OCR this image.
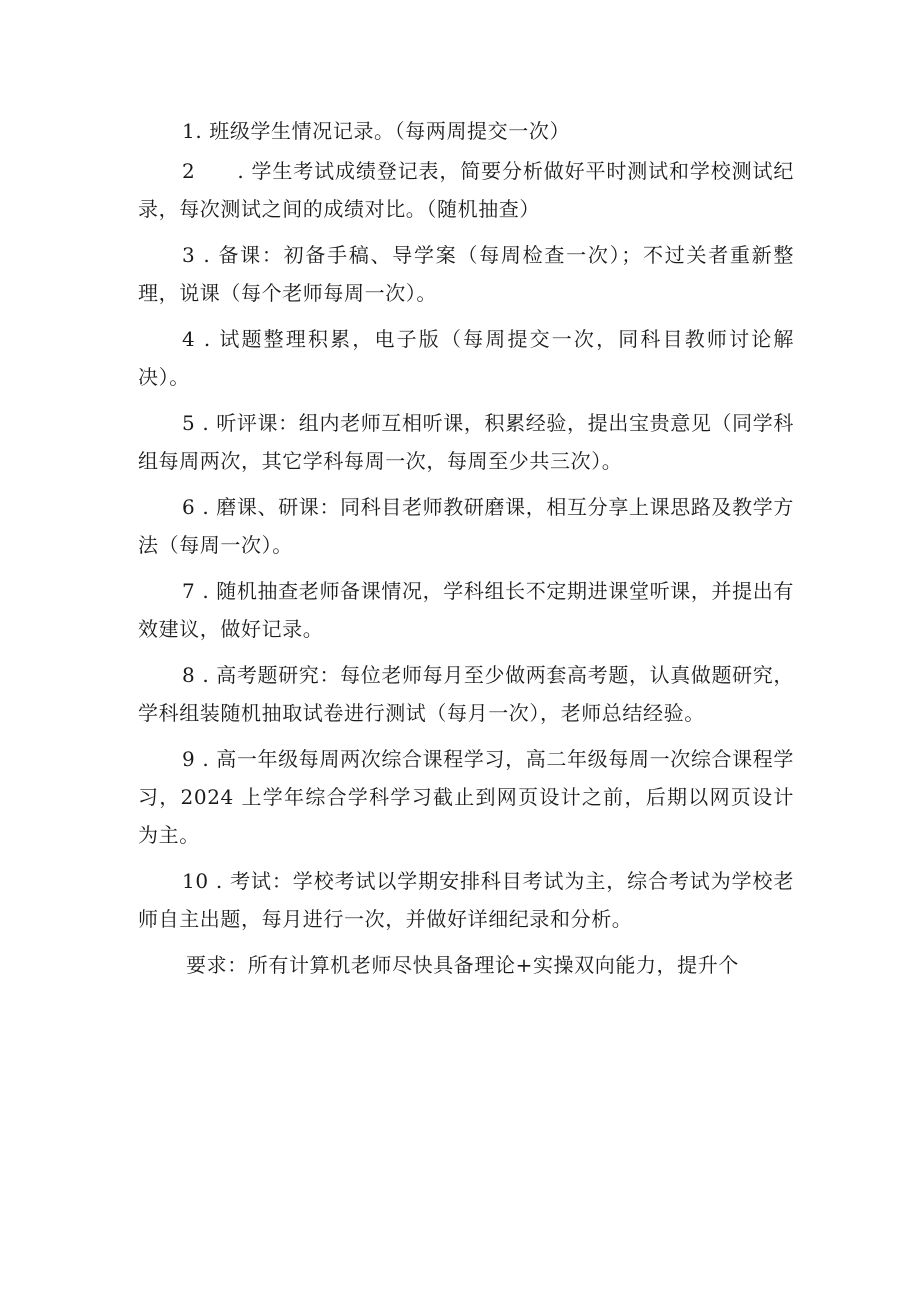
1. 班级学生情况记录。（每两周提交一次）

2　　. 学生考试成绩登记表，简要分析做好平时测试和学校测试纪录，每次测试之间的成绩对比。（随机抽查）

3 . 备课：初备手稿、导学案（每周检查一次）；不过关者重新整理，说课（每个老师每周一次）。

4 . 试题整理积累，电子版（每周提交一次，同科目教师讨论解决）。

5 . 听评课：组内老师互相听课，积累经验，提出宝贵意见（同学科组每周两次，其它学科每周一次，每周至少共三次）。

6 . 磨课、研课：同科目老师教研磨课，相互分享上课思路及教学方法（每周一次）。

7 . 随机抽查老师备课情况，学科组长不定期进课堂听课，并提出有效建议，做好记录。

8 . 高考题研究：每位老师每月至少做两套高考题，认真做题研究，学科组装随机抽取试卷进行测试（每月一次），老师总结经验。

9 . 高一年级每周两次综合课程学习，高二年级每周一次综合课程学习，2024 上学年综合学科学习截止到网页设计之前，后期以网页设计为主。

10 . 考试：学校考试以学期安排科目考试为主，综合考试为学校老师自主出题，每月进行一次，并做好详细纪录和分析。

要求：所有计算机老师尽快具备理论+实操双向能力，提升个
